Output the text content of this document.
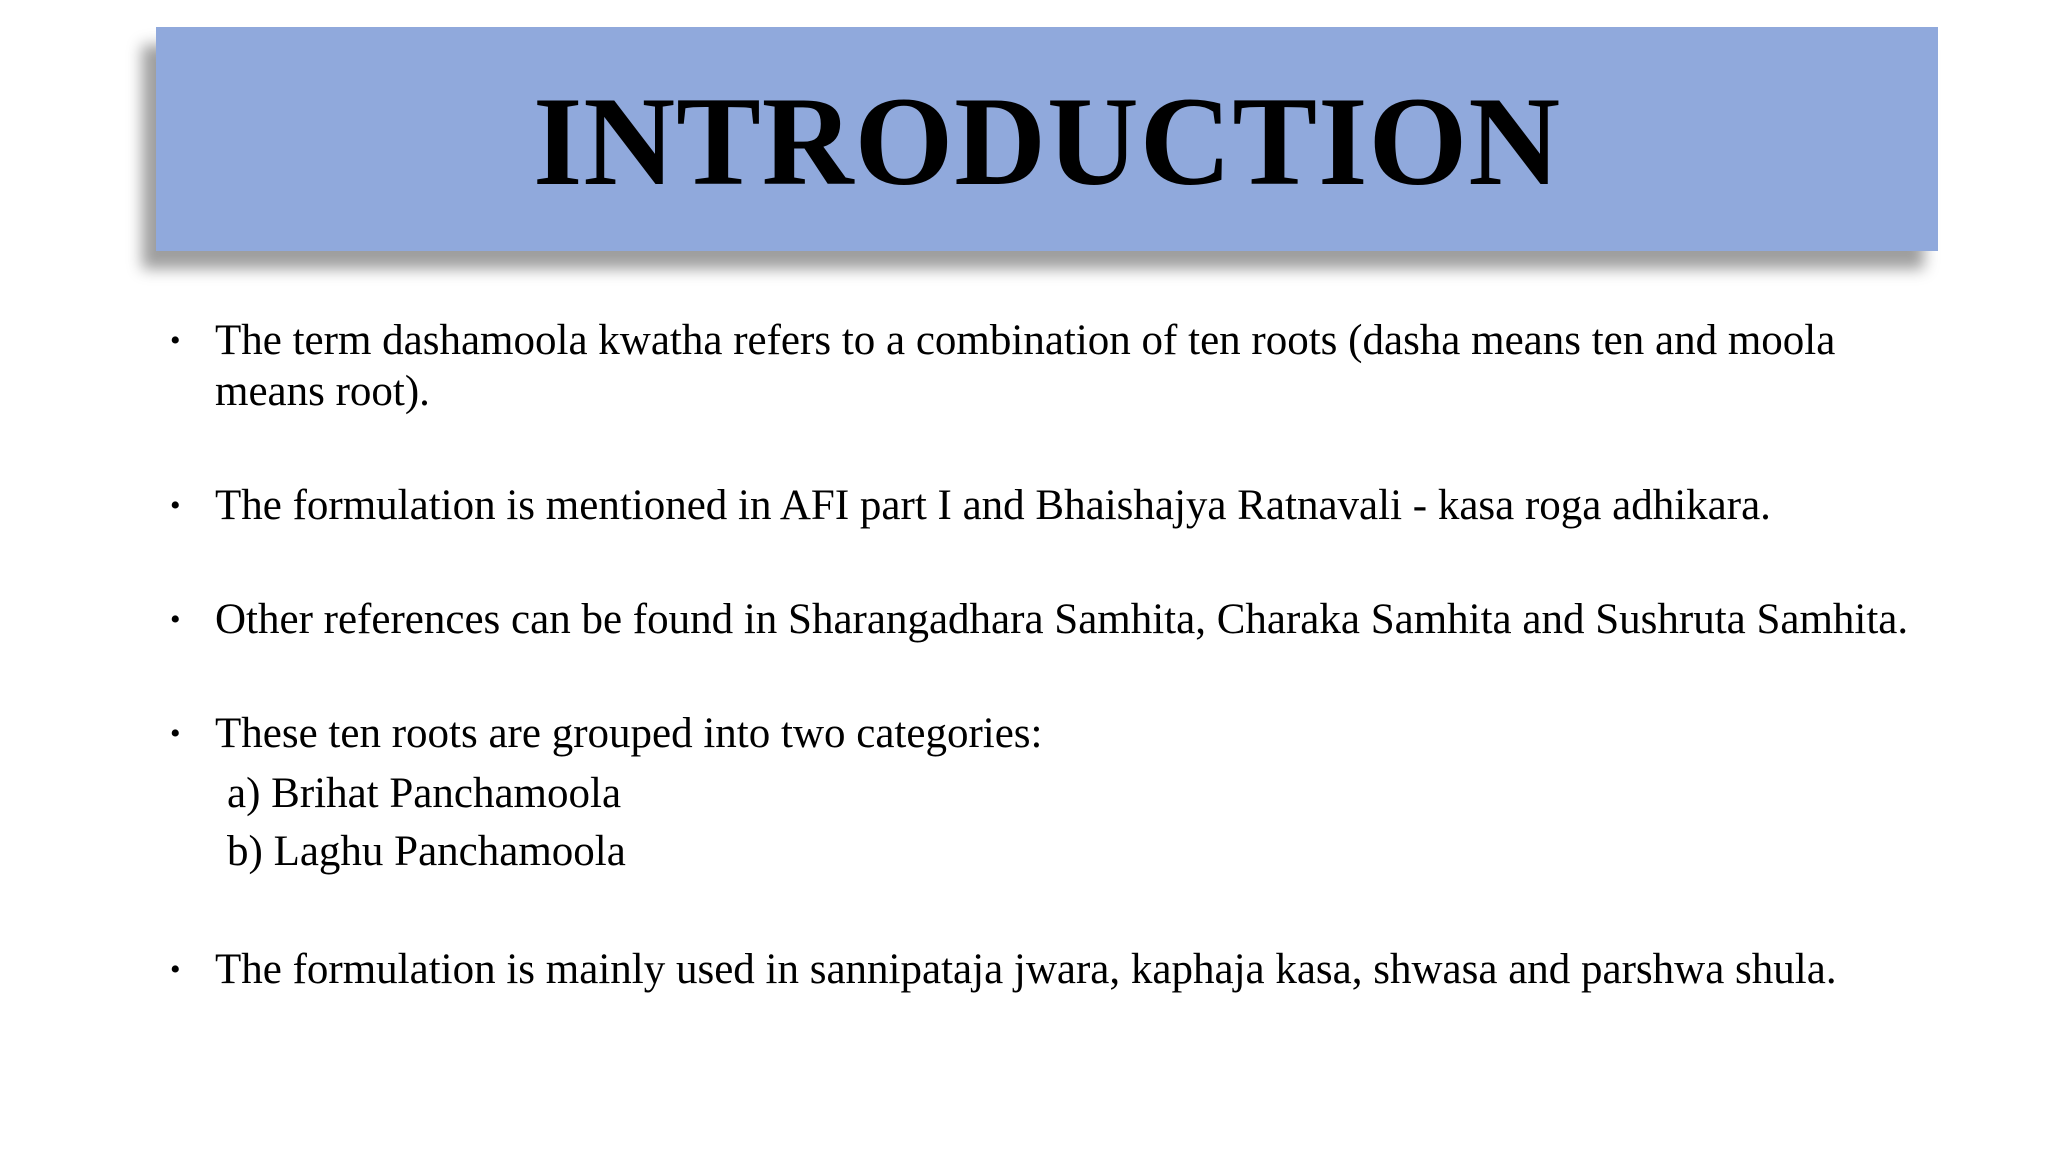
INTRODUCTION
• The term dashamoola kwatha refers to a combination of ten roots (dasha means ten and moola means root).
• The formulation is mentioned in AFI part I and Bhaishajya Ratnavali - kasa roga adhikara.
• Other references can be found in Sharangadhara Samhita, Charaka Samhita and Sushruta Samhita.
• These ten roots are grouped into two categories:
a) Brihat Panchamoola
b) Laghu Panchamoola
• The formulation is mainly used in sannipataja jwara, kaphaja kasa, shwasa and parshwa shula.
